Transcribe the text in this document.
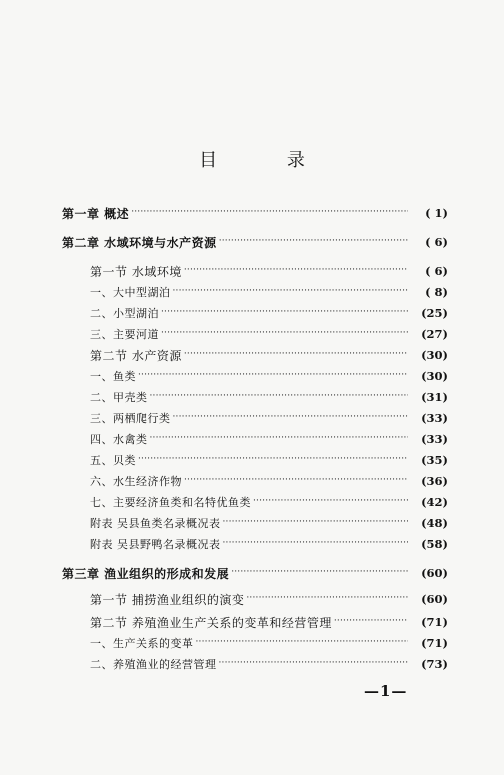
目 录
第一章 概述 ·····	( 1)
第二章 水域环境与水产资源 ·····	( 6)
第一节 水域环境 ·····	( 6)
一、大中型湖泊 ·····	( 8)
二、小型湖泊 ·····	(25)
三、主要河道 ·····	(27)
第二节 水产资源 ·····	(30)
一、鱼类 ·····	(30)
二、甲壳类 ·····	(31)
三、两栖爬行类 ·····	(33)
四、水禽类 ·····	(33)
五、贝类 ·····	(35)
六、水生经济作物 ·····	(36)
七、主要经济鱼类和名特优鱼类 ·····	(42)
附表 吴县鱼类名录概况表 ·····	(48)
附表 吴县野鸭名录概况表 ·····	(58)
第三章 渔业组织的形成和发展 ·····	(60)
第一节 捕捞渔业组织的演变 ·····	(60)
第二节 养殖渔业生产关系的变革和经营管理 ·····	(71)
一、生产关系的变革 ·····	(71)
二、养殖渔业的经营管理 ·····	(73)
—1—
